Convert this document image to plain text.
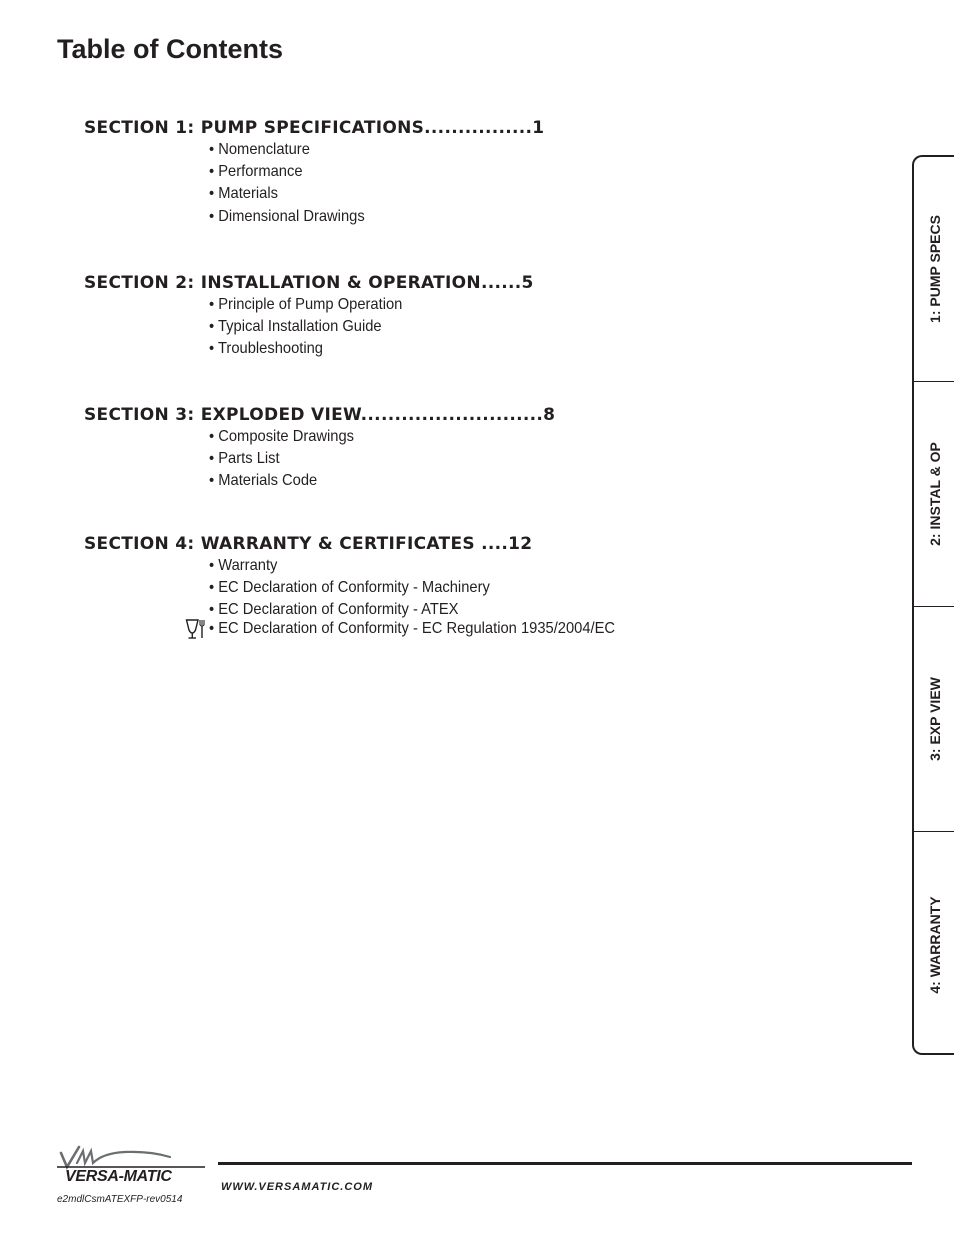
Table of Contents
SECTION 1: PUMP SPECIFICATIONS................1
• Nomenclature
• Performance
• Materials
• Dimensional Drawings
SECTION 2: INSTALLATION & OPERATION......5
• Principle of Pump Operation
• Typical Installation Guide
• Troubleshooting
SECTION 3: EXPLODED VIEW...........................8
• Composite Drawings
• Parts List
• Materials Code
SECTION 4: WARRANTY & CERTIFICATES ....12
• Warranty
• EC Declaration of Conformity - Machinery
• EC Declaration of Conformity - ATEX
• EC Declaration of Conformity - EC Regulation 1935/2004/EC
1: PUMP SPECS
2: INSTAL & OP
3: EXP VIEW
4: WARRANTY
VERSA-MATIC
WWW.VERSAMATIC.COM
e2mdlCsmATEXFP-rev0514
